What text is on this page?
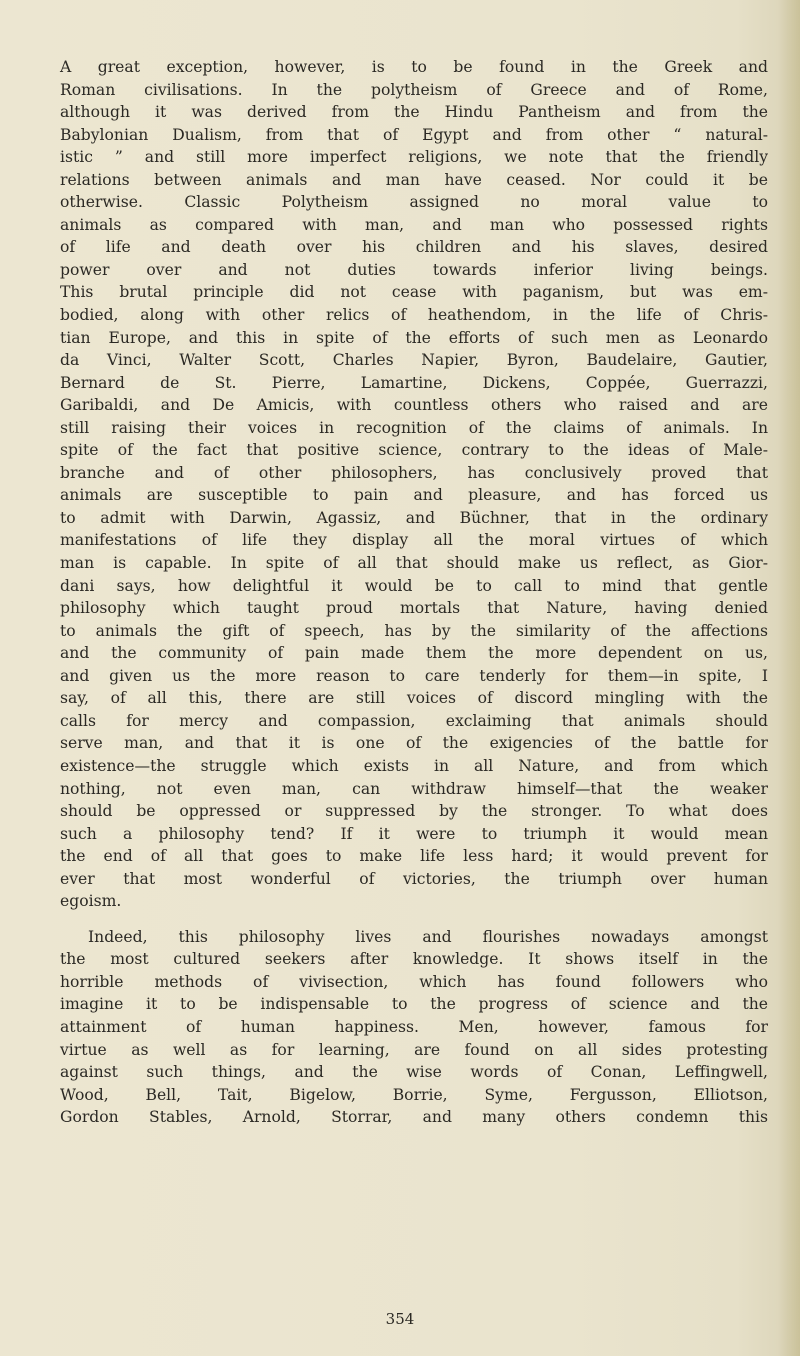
A great exception, however, is to be found in the Greek and
Roman civilisations. In the polytheism of Greece and of Rome,
although it was derived from the Hindu Pantheism and from the
Babylonian Dualism, from that of Egypt and from other “ natural-
istic ” and still more imperfect religions, we note that the friendly
relations between animals and man have ceased. Nor could it be
otherwise. Classic Polytheism assigned no moral value to
animals as compared with man, and man who possessed rights
of life and death over his children and his slaves, desired
power over and not duties towards inferior living beings.
This brutal principle did not cease with paganism, but was em-
bodied, along with other relics of heathendom, in the life of Chris-
tian Europe, and this in spite of the efforts of such men as Leonardo
da Vinci, Walter Scott, Charles Napier, Byron, Baudelaire, Gautier,
Bernard de St. Pierre, Lamartine, Dickens, Coppée, Guerrazzi,
Garibaldi, and De Amicis, with countless others who raised and are
still raising their voices in recognition of the claims of animals. In
spite of the fact that positive science, contrary to the ideas of Male-
branche and of other philosophers, has conclusively proved that
animals are susceptible to pain and pleasure, and has forced us
to admit with Darwin, Agassiz, and Büchner, that in the ordinary
manifestations of life they display all the moral virtues of which
man is capable. In spite of all that should make us reflect, as Gior-
dani says, how delightful it would be to call to mind that gentle
philosophy which taught proud mortals that Nature, having denied
to animals the gift of speech, has by the similarity of the affections
and the community of pain made them the more dependent on us,
and given us the more reason to care tenderly for them—in spite, I
say, of all this, there are still voices of discord mingling with the
calls for mercy and compassion, exclaiming that animals should
serve man, and that it is one of the exigencies of the battle for
existence—the struggle which exists in all Nature, and from which
nothing, not even man, can withdraw himself—that the weaker
should be oppressed or suppressed by the stronger. To what does
such a philosophy tend? If it were to triumph it would mean
the end of all that goes to make life less hard; it would prevent for
ever that most wonderful of victories, the triumph over human
egoism.
Indeed, this philosophy lives and flourishes nowadays amongst
the most cultured seekers after knowledge. It shows itself in the
horrible methods of vivisection, which has found followers who
imagine it to be indispensable to the progress of science and the
attainment of human happiness. Men, however, famous for
virtue as well as for learning, are found on all sides protesting
against such things, and the wise words of Conan, Leffingwell,
Wood, Bell, Tait, Bigelow, Borrie, Syme, Fergusson, Elliotson,
Gordon Stables, Arnold, Storrar, and many others condemn this
354
